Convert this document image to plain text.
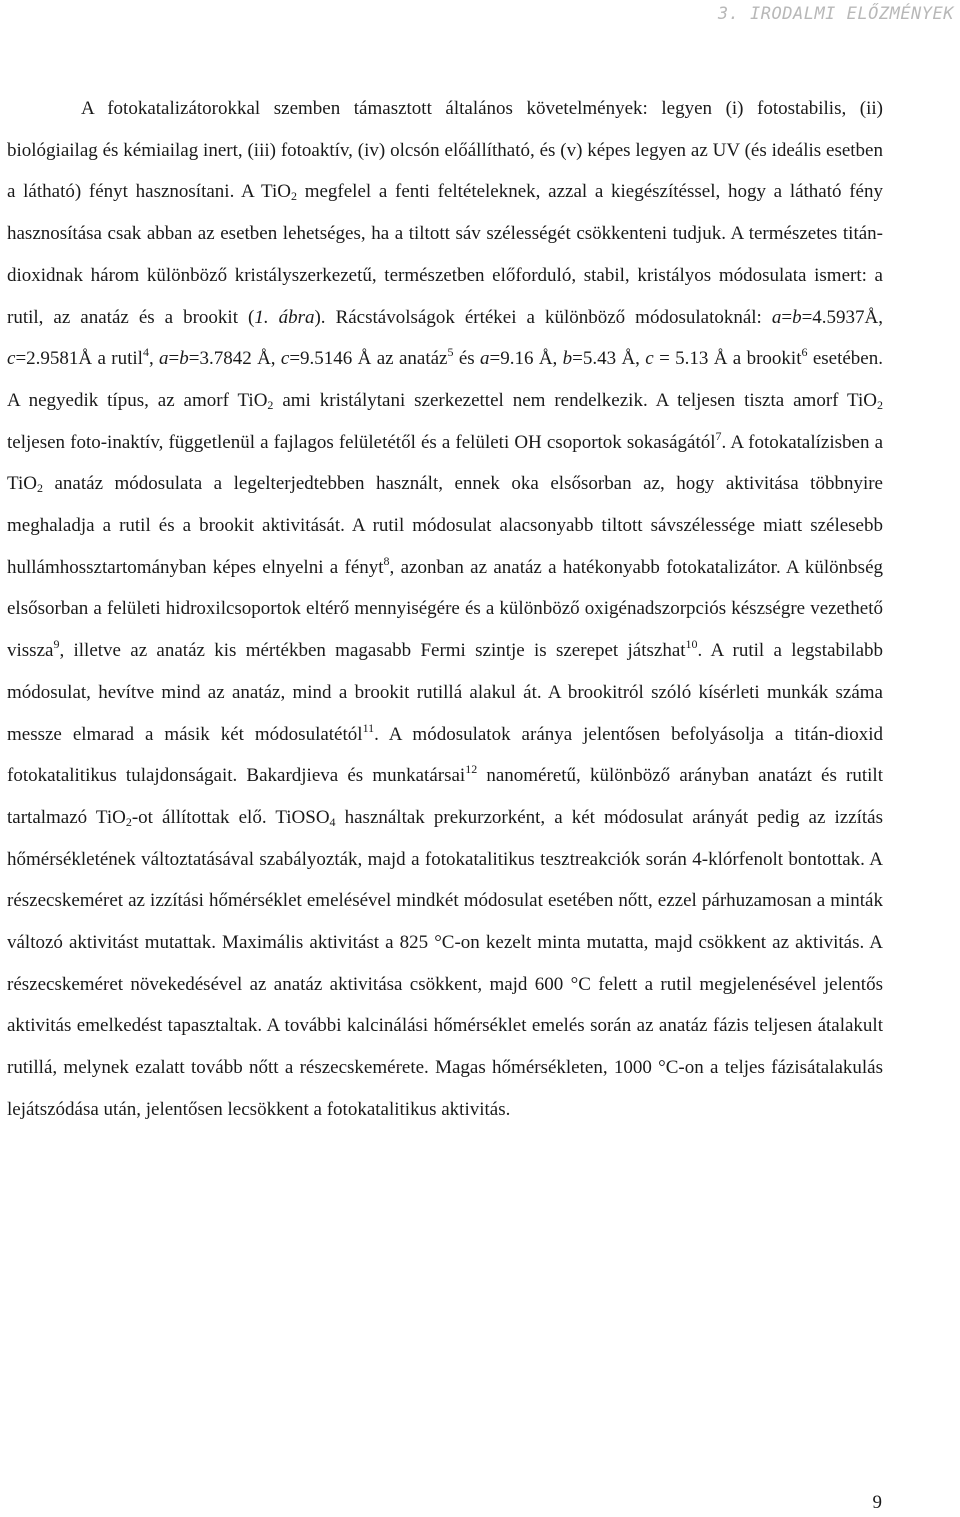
3. IRODALMI ELŐZMÉNYEK

A fotokatalizátorokkal szemben támasztott általános követelmények: legyen (i) fotostabilis, (ii) biológiailag és kémiailag inert, (iii) fotoaktív, (iv) olcsón előállítható, és (v) képes legyen az UV (és ideális esetben a látható) fényt hasznosítani. A TiO$_2$ megfelel a fenti feltételeknek, azzal a kiegészítéssel, hogy a látható fény hasznosítása csak abban az esetben lehetséges, ha a tiltott sáv szélességét csökkenteni tudjuk. A természetes titán-dioxidnak három különböző kristályszerkezetű, természetben előforduló, stabil, kristályos módosulata ismert: a rutil, az anatáz és a brookit (1. ábra). Rácstávolságok értékei a különböző módosulatoknál: a=b=4.5937Å, c=2.9581Å a rutil$^4$, a=b=3.7842 Å, c=9.5146 Å az anatáz$^5$ és a=9.16 Å, b=5.43 Å, c = 5.13 Å a brookit$^6$ esetében. A negyedik típus, az amorf TiO$_2$ ami kristálytani szerkezettel nem rendelkezik. A teljesen tiszta amorf TiO$_2$ teljesen foto-inaktív, függetlenül a fajlagos felületétől és a felületi OH csoportok sokaságától$^7$. A fotokatalízisben a TiO$_2$ anatáz módosulata a legelterjedtebben használt, ennek oka elsősorban az, hogy aktivitása többnyire meghaladja a rutil és a brookit aktivitását. A rutil módosulat alacsonyabb tiltott sávszélessége miatt szélesebb hullámhossztartományban képes elnyelni a fényt$^8$, azonban az anatáz a hatékonyabb fotokatalizátor. A különbség elsősorban a felületi hidroxilcsoportok eltérő mennyiségére és a különböző oxigénadszorpciós készségre vezethető vissza$^9$, illetve az anatáz kis mértékben magasabb Fermi szintje is szerepet játszhat$^{10}$. A rutil a legstabilabb módosulat, hevítve mind az anatáz, mind a brookit rutillá alakul át. A brookitról szóló kísérleti munkák száma messze elmarad a másik két módosulatétól$^{11}$. A módosulatok aránya jelentősen befolyásolja a titán-dioxid fotokatalitikus tulajdonságait. Bakardjieva és munkatársai$^{12}$ nanoméretű, különböző arányban anatázt és rutilt tartalmazó TiO$_2$-ot állítottak elő. TiOSO$_4$ használtak prekurzorként, a két módosulat arányát pedig az izzítás hőmérsékletének változtatásával szabályozták, majd a fotokatalitikus tesztreakciók során 4-klórfenolt bontottak. A részecskeméret az izzítási hőmérséklet emelésével mindkét módosulat esetében nőtt, ezzel párhuzamosan a minták változó aktivitást mutattak. Maximális aktivitást a 825 °C-on kezelt minta mutatta, majd csökkent az aktivitás. A részecskeméret növekedésével az anatáz aktivitása csökkent, majd 600 °C felett a rutil megjelenésével jelentős aktivitás emelkedést tapasztaltak. A további kalcinálási hőmérséklet emelés során az anatáz fázis teljesen átalakult rutillá, melynek ezalatt tovább nőtt a részecskemérete. Magas hőmérsékleten, 1000 °C-on a teljes fázisátalakulás lejátszódása után, jelentősen lecsökkent a fotokatalitikus aktivitás.

9
